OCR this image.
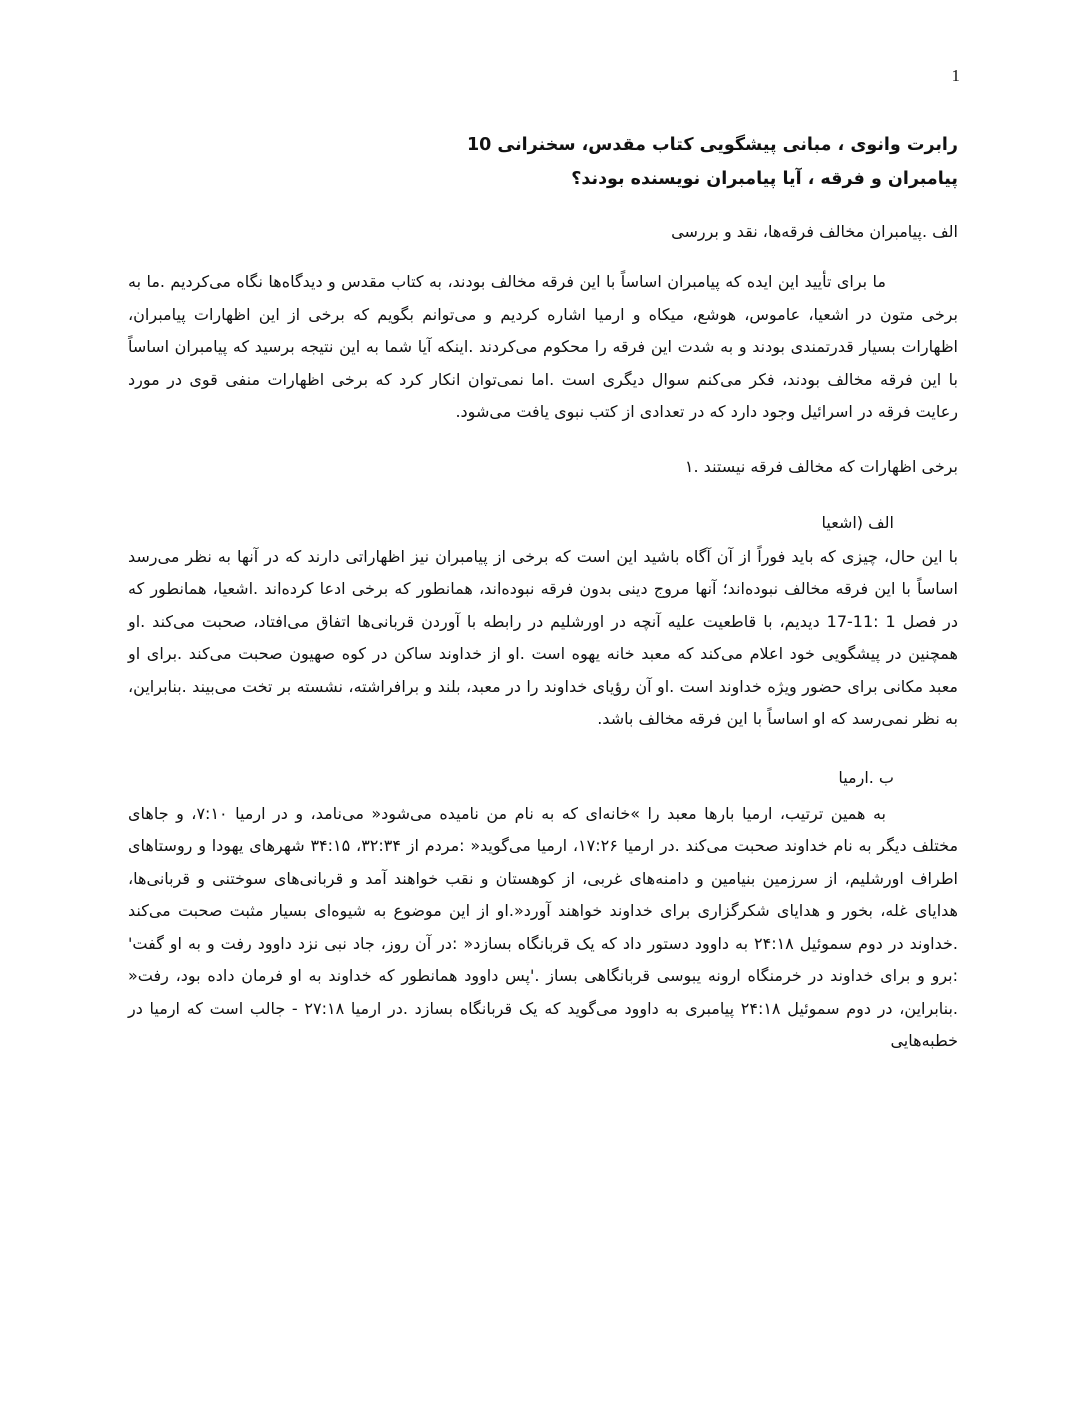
1

رابرت وانوی ، مبانی پیشگویی کتاب مقدس، سخنرانی 10

پیامبران و فرقه ، آیا پیامبران نویسنده بودند؟

الف .پیامبران مخالف فرقه‌ها، نقد و بررسی

ما برای تأیید این ایده که پیامبران اساساً با این فرقه مخالف بودند، به کتاب مقدس و دیدگاه‌ها نگاه می‌کردیم .ما به برخی متون در اشعیا، عاموس، هوشع، میکاه و ارمیا اشاره کردیم و می‌توانم بگویم که برخی از این اظهارات پیامبران، اظهارات بسیار قدرتمندی بودند و به شدت این فرقه را محکوم می‌کردند .اینکه آیا شما به این نتیجه برسید که پیامبران اساساً با این فرقه مخالف بودند، فکر می‌کنم سوال دیگری است .اما نمی‌توان انکار کرد که برخی اظهارات منفی قوی در مورد رعایت فرقه در اسرائیل وجود دارد که در تعدادی از کتب نبوی یافت می‌شود.

برخی اظهارات که مخالف فرقه نیستند .۱

الف (اشعیا

با این حال، چیزی که باید فوراً از آن آگاه باشید این است که برخی از پیامبران نیز اظهاراتی دارند که در آنها به نظر می‌رسد اساساً با این فرقه مخالف نبوده‌اند؛ آنها مروج دینی بدون فرقه نبوده‌اند، همانطور که برخی ادعا کرده‌اند .اشعیا، همانطور که در فصل 1 :11-17 دیدیم، با قاطعیت علیه آنچه در اورشلیم در رابطه با آوردن قربانی‌ها اتفاق می‌افتاد، صحبت می‌کند .او همچنین در پیشگویی خود اعلام می‌کند که معبد خانه یهوه است .او از خداوند ساکن در کوه صهیون صحبت می‌کند .برای او معبد مکانی برای حضور ویژه خداوند است .او آن رؤیای خداوند را در معبد، بلند و برافراشته، نشسته بر تخت می‌بیند .بنابراین، به نظر نمی‌رسد که او اساساً با این فرقه مخالف باشد.

ب .ارمیا

به همین ترتیب، ارمیا بارها معبد را »خانه‌ای که به نام من نامیده می‌شود« می‌نامد، و در ارمیا ۷:۱۰، و جاهای مختلف دیگر به نام خداوند صحبت می‌کند .در ارمیا ۱۷:۲۶، ارمیا می‌گوید« :مردم از ۳۲:۳۴، ۳۴:۱۵ شهرهای یهودا و روستاهای اطراف اورشلیم، از سرزمین بنیامین و دامنه‌های غربی، از کوهستان و نقب خواهند آمد و قربانی‌های سوختنی و قربانی‌ها، هدایای غله، بخور و هدایای شکرگزاری برای خداوند خواهند آورد«.او از این موضوع به شیوه‌ای بسیار مثبت صحبت می‌کند .خداوند در دوم سموئیل ۲۴:۱۸ به داوود دستور داد که یک قربانگاه بسازد« :در آن روز، جاد نبی نزد داوود رفت و به او گفت' :برو و برای خداوند در خرمنگاه ارونه یبوسی قربانگاهی بساز .'پس داوود همانطور که خداوند به او فرمان داده بود، رفت« .بنابراین، در دوم سموئیل ۲۴:۱۸ پیامبری به داوود می‌گوید که یک قربانگاه بسازد .در ارمیا ۲۷:۱۸ - جالب است که ارمیا در خطبه‌هایی
